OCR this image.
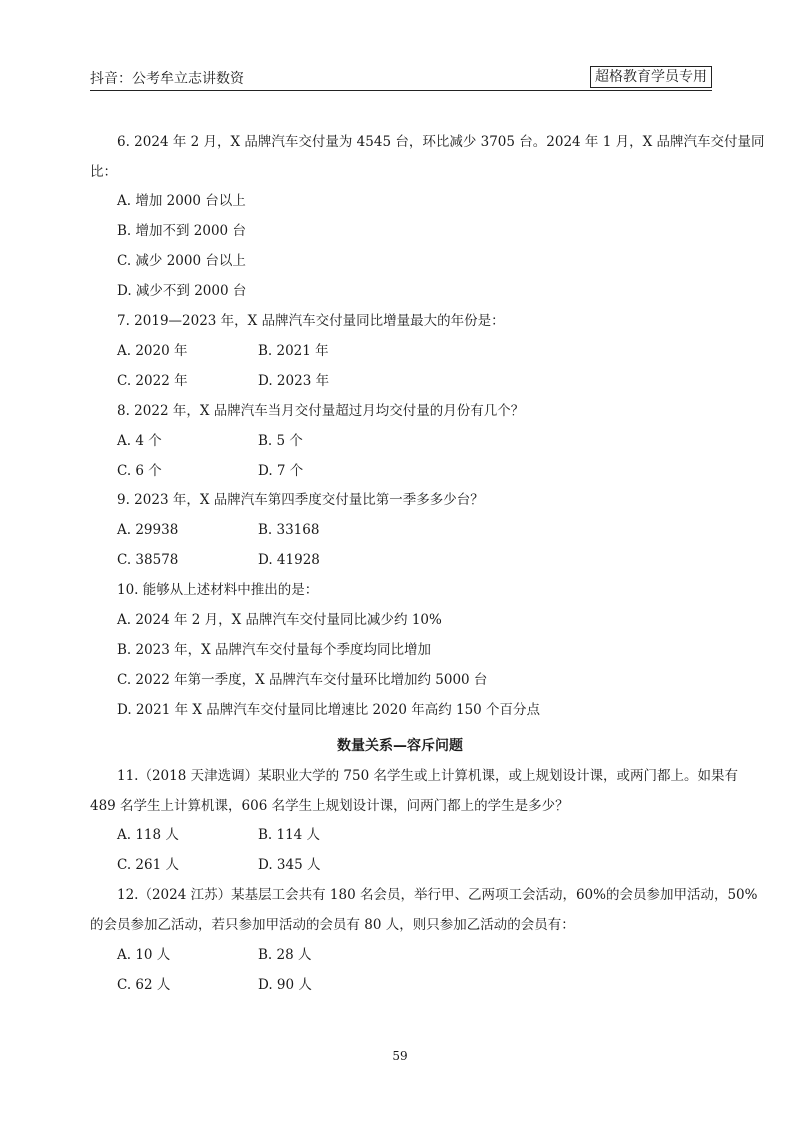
抖音：公考牟立志讲数资	超格教育学员专用
6. 2024 年 2 月，X 品牌汽车交付量为 4545 台，环比减少 3705 台。2024 年 1 月，X 品牌汽车交付量同
比：
A. 增加 2000 台以上
B. 增加不到 2000 台
C. 减少 2000 台以上
D. 减少不到 2000 台
7. 2019—2023 年，X 品牌汽车交付量同比增量最大的年份是：
A. 2020 年	B. 2021 年
C. 2022 年	D. 2023 年
8. 2022 年，X 品牌汽车当月交付量超过月均交付量的月份有几个？
A. 4 个	B. 5 个
C. 6 个	D. 7 个
9. 2023 年，X 品牌汽车第四季度交付量比第一季多多少台？
A. 29938	B. 33168
C. 38578	D. 41928
10. 能够从上述材料中推出的是：
A. 2024 年 2 月，X 品牌汽车交付量同比减少约 10%
B. 2023 年，X 品牌汽车交付量每个季度均同比增加
C. 2022 年第一季度，X 品牌汽车交付量环比增加约 5000 台
D. 2021 年 X 品牌汽车交付量同比增速比 2020 年高约 150 个百分点
数量关系—容斥问题
11.（2018 天津选调）某职业大学的 750 名学生或上计算机课，或上规划设计课，或两门都上。如果有
489 名学生上计算机课，606 名学生上规划设计课，问两门都上的学生是多少？
A. 118 人	B. 114 人
C. 261 人	D. 345 人
12.（2024 江苏）某基层工会共有 180 名会员，举行甲、乙两项工会活动，60%的会员参加甲活动，50%
的会员参加乙活动，若只参加甲活动的会员有 80 人，则只参加乙活动的会员有：
A. 10 人	B. 28 人
C. 62 人	D. 90 人
59
